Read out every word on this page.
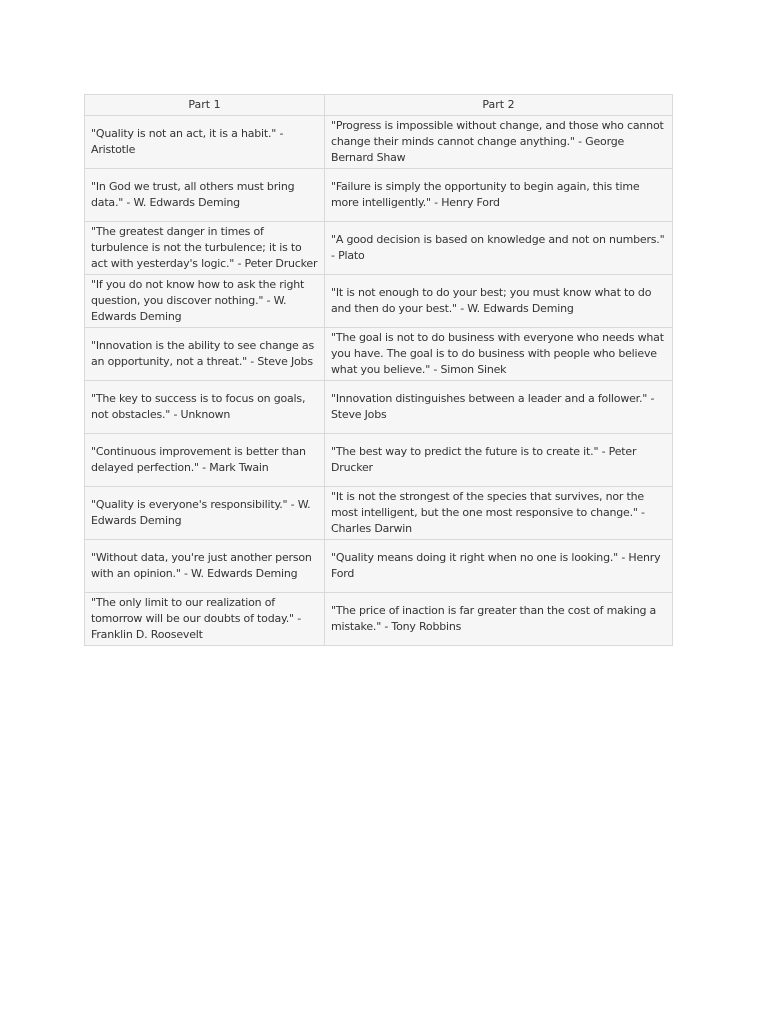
Part 1	Part 2
"Quality is not an act, it is a habit." - Aristotle	"Progress is impossible without change, and those who cannot change their minds cannot change anything." - George Bernard Shaw
"In God we trust, all others must bring data." - W. Edwards Deming	"Failure is simply the opportunity to begin again, this time more intelligently." - Henry Ford
"The greatest danger in times of turbulence is not the turbulence; it is to act with yesterday's logic." - Peter Drucker	"A good decision is based on knowledge and not on numbers." - Plato
"If you do not know how to ask the right question, you discover nothing." - W. Edwards Deming	"It is not enough to do your best; you must know what to do and then do your best." - W. Edwards Deming
"Innovation is the ability to see change as an opportunity, not a threat." - Steve Jobs	"The goal is not to do business with everyone who needs what you have. The goal is to do business with people who believe what you believe." - Simon Sinek
"The key to success is to focus on goals, not obstacles." - Unknown	"Innovation distinguishes between a leader and a follower." - Steve Jobs
"Continuous improvement is better than delayed perfection." - Mark Twain	"The best way to predict the future is to create it." - Peter Drucker
"Quality is everyone's responsibility." - W. Edwards Deming	"It is not the strongest of the species that survives, nor the most intelligent, but the one most responsive to change." - Charles Darwin
"Without data, you're just another person with an opinion." - W. Edwards Deming	"Quality means doing it right when no one is looking." - Henry Ford
"The only limit to our realization of tomorrow will be our doubts of today." - Franklin D. Roosevelt	"The price of inaction is far greater than the cost of making a mistake." - Tony Robbins
